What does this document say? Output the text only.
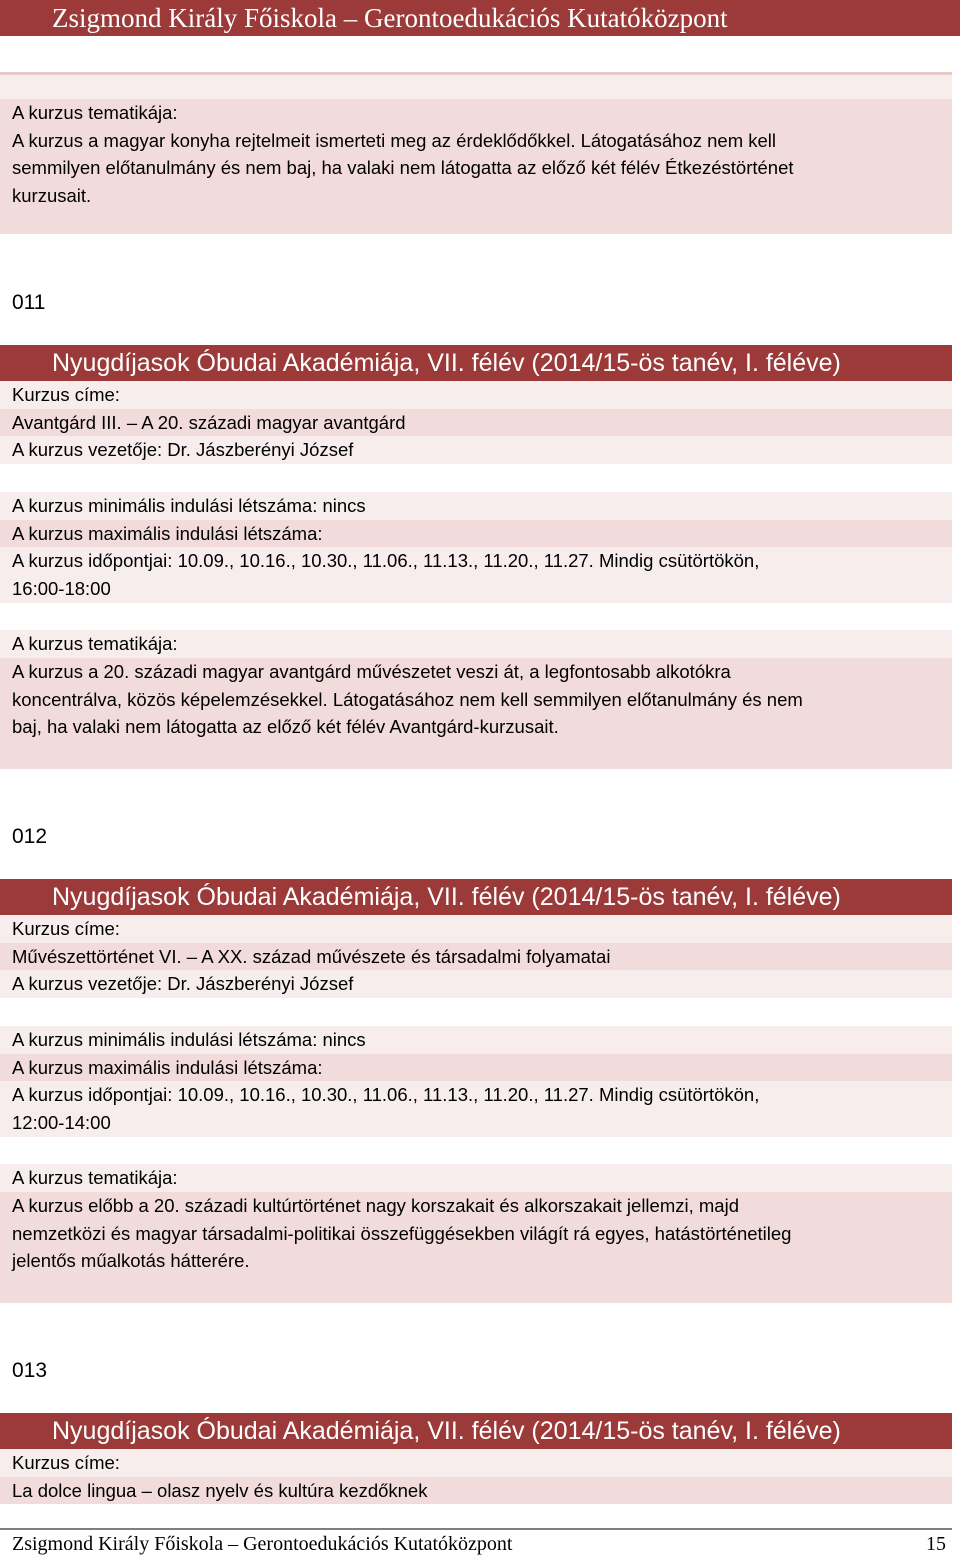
Zsigmond Király Főiskola – Gerontoedukációs Kutatóközpont
A kurzus tematikája:
A kurzus a magyar konyha rejtelmeit ismerteti meg az érdeklődőkkel. Látogatásához nem kell
semmilyen előtanulmány és nem baj, ha valaki nem látogatta az előző két félév Étkezéstörténet
kurzusait.
011
Nyugdíjasok Óbudai Akadémiája, VII. félév (2014/15-ös tanév, I. féléve)
Kurzus címe:
Avantgárd III. – A 20. századi magyar avantgárd
A kurzus vezetője: Dr. Jászberényi József

A kurzus minimális indulási létszáma: nincs
A kurzus maximális indulási létszáma:
A kurzus időpontjai: 10.09., 10.16., 10.30., 11.06., 11.13., 11.20., 11.27. Mindig csütörtökön,
16:00-18:00

A kurzus tematikája:
A kurzus a 20. századi magyar avantgárd művészetet veszi át, a legfontosabb alkotókra
koncentrálva, közös képelemzésekkel. Látogatásához nem kell semmilyen előtanulmány és nem
baj, ha valaki nem látogatta az előző két félév Avantgárd-kurzusait.
012
Nyugdíjasok Óbudai Akadémiája, VII. félév (2014/15-ös tanév, I. féléve)
Kurzus címe:
Művészettörténet VI. – A XX. század művészete és társadalmi folyamatai
A kurzus vezetője: Dr. Jászberényi József

A kurzus minimális indulási létszáma: nincs
A kurzus maximális indulási létszáma:
A kurzus időpontjai: 10.09., 10.16., 10.30., 11.06., 11.13., 11.20., 11.27. Mindig csütörtökön,
12:00-14:00

A kurzus tematikája:
A kurzus előbb a 20. századi kultúrtörténet nagy korszakait és alkorszakait jellemzi, majd
nemzetközi és magyar társadalmi-politikai összefüggésekben világít rá egyes, hatástörténetileg
jelentős műalkotás hátterére.
013
Nyugdíjasok Óbudai Akadémiája, VII. félév (2014/15-ös tanév, I. féléve)
Kurzus címe:
La dolce lingua – olasz nyelv és kultúra kezdőknek
Zsigmond Király Főiskola – Gerontoedukációs Kutatóközpont	15
